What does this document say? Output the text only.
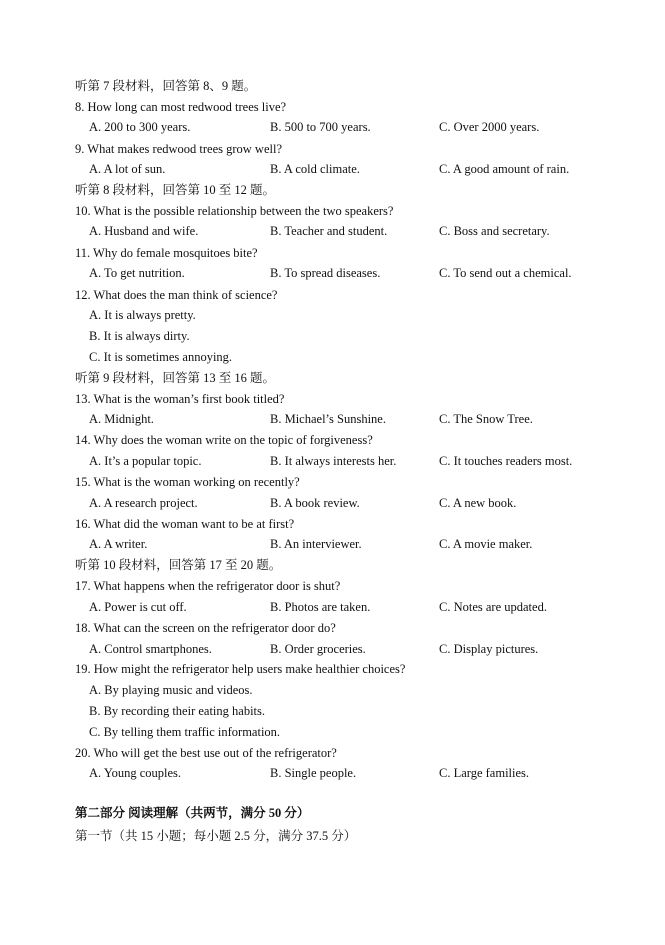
听第 7 段材料，回答第 8、9 题。
8. How long can most redwood trees live?
A. 200 to 300 years.	B. 500 to 700 years.	C. Over 2000 years.
9. What makes redwood trees grow well?
A. A lot of sun.	B. A cold climate.	C. A good amount of rain.
听第 8 段材料，回答第 10 至 12 题。
10. What is the possible relationship between the two speakers?
A. Husband and wife.	B. Teacher and student.	C. Boss and secretary.
11. Why do female mosquitoes bite?
A. To get nutrition.	B. To spread diseases.	C. To send out a chemical.
12. What does the man think of science?
A. It is always pretty.
B. It is always dirty.
C. It is sometimes annoying.
听第 9 段材料，回答第 13 至 16 题。
13. What is the woman’s first book titled?
A. Midnight.	B. Michael’s Sunshine.	C. The Snow Tree.
14. Why does the woman write on the topic of forgiveness?
A. It’s a popular topic.	B. It always interests her.	C. It touches readers most.
15. What is the woman working on recently?
A. A research project.	B. A book review.	C. A new book.
16. What did the woman want to be at first?
A. A writer.	B. An interviewer.	C. A movie maker.
听第 10 段材料，回答第 17 至 20 题。
17. What happens when the refrigerator door is shut?
A. Power is cut off.	B. Photos are taken.	C. Notes are updated.
18. What can the screen on the refrigerator door do?
A. Control smartphones.	B. Order groceries.	C. Display pictures.
19. How might the refrigerator help users make healthier choices?
A. By playing music and videos.
B. By recording their eating habits.
C. By telling them traffic information.
20. Who will get the best use out of the refrigerator?
A. Young couples.	B. Single people.	C. Large families.
第二部分 阅读理解（共两节，满分 50 分）
第一节（共 15 小题；每小题 2.5 分，满分 37.5 分）
